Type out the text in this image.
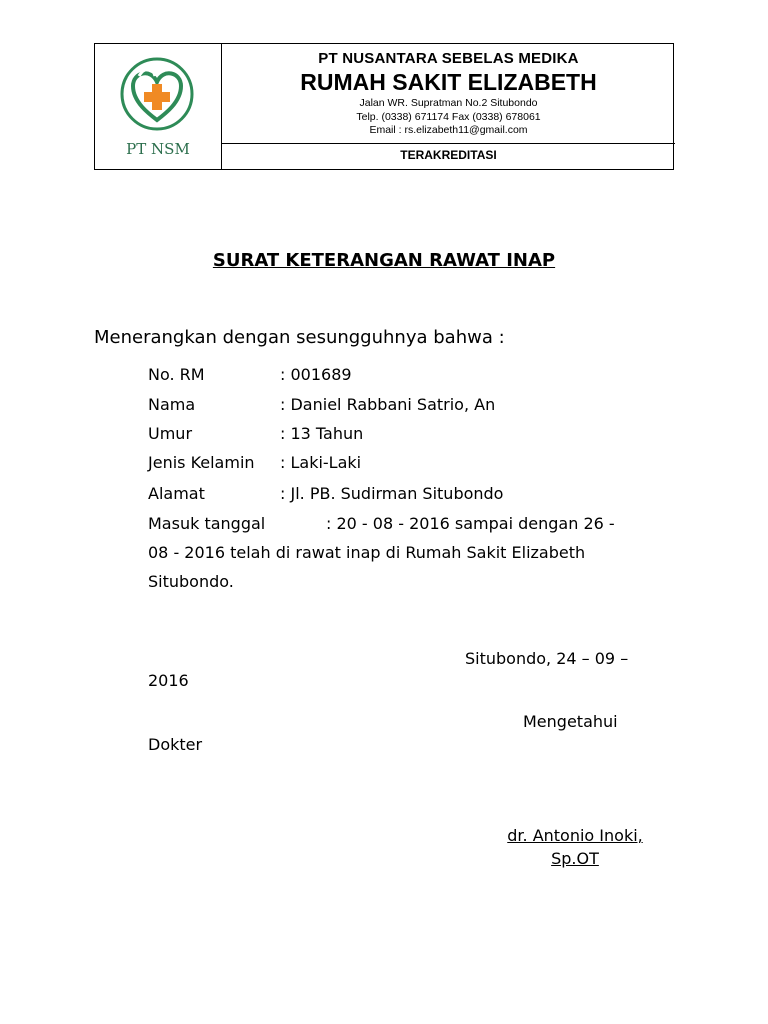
PT NSM
PT NUSANTARA SEBELAS MEDIKA
RUMAH SAKIT ELIZABETH
Jalan WR. Supratman No.2 Situbondo
Telp. (0338) 671174 Fax (0338) 678061
Email : rs.elizabeth11@gmail.com
TERAKREDITASI
SURAT KETERANGAN RAWAT INAP
Menerangkan dengan sesungguhnya bahwa :
No. RM	: 001689
Nama	: Daniel Rabbani Satrio, An
Umur	: 13 Tahun
Jenis Kelamin : Laki-Laki
Alamat	: Jl. PB. Sudirman Situbondo
Masuk tanggal	: 20 - 08 - 2016 sampai dengan 26 -
08 - 2016 telah di rawat inap di Rumah Sakit Elizabeth
Situbondo.
Situbondo, 24 – 09 –
2016
Mengetahui
Dokter
dr. Antonio Inoki,
Sp.OT
